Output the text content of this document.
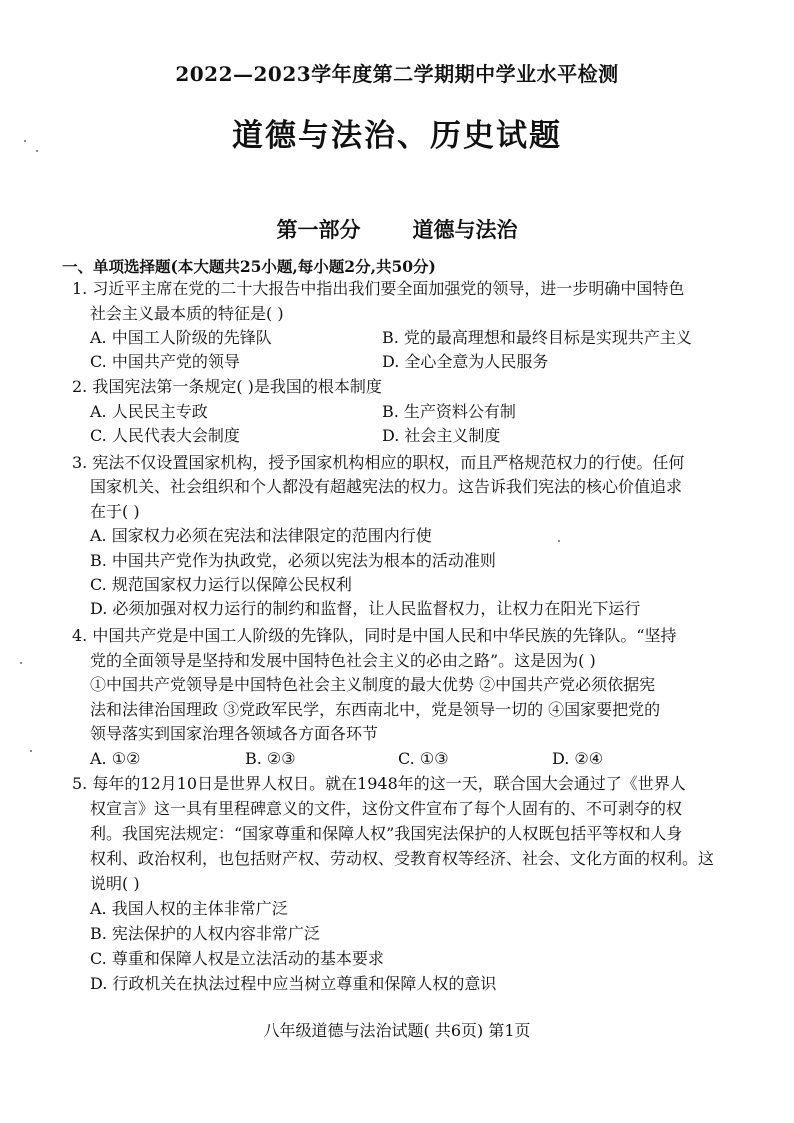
2022—2023学年度第二学期期中学业水平检测
道德与法治、历史试题
第一部分 道德与法治
一、单项选择题(本大题共25小题,每小题2分,共50分)
1. 习近平主席在党的二十大报告中指出我们要全面加强党的领导，进一步明确中国特色
社会主义最本质的特征是( )
A. 中国工人阶级的先锋队	B. 党的最高理想和最终目标是实现共产主义
C. 中国共产党的领导	D. 全心全意为人民服务
2. 我国宪法第一条规定( )是我国的根本制度
A. 人民民主专政	B. 生产资料公有制
C. 人民代表大会制度	D. 社会主义制度
3. 宪法不仅设置国家机构，授予国家机构相应的职权，而且严格规范权力的行使。任何
国家机关、社会组织和个人都没有超越宪法的权力。这告诉我们宪法的核心价值追求
在于( )
A. 国家权力必须在宪法和法律限定的范围内行使
B. 中国共产党作为执政党，必须以宪法为根本的活动准则
C. 规范国家权力运行以保障公民权利
D. 必须加强对权力运行的制约和监督，让人民监督权力，让权力在阳光下运行
4. 中国共产党是中国工人阶级的先锋队，同时是中国人民和中华民族的先锋队。“坚持
党的全面领导是坚持和发展中国特色社会主义的必由之路”。这是因为( )
①中国共产党领导是中国特色社会主义制度的最大优势 ②中国共产党必须依据宪
法和法律治国理政 ③党政军民学，东西南北中，党是领导一切的 ④国家要把党的
领导落实到国家治理各领域各方面各环节
A. ①②	B. ②③	C. ①③	D. ②④
5. 每年的12月10日是世界人权日。就在1948年的这一天，联合国大会通过了《世界人
权宣言》这一具有里程碑意义的文件，这份文件宣布了每个人固有的、不可剥夺的权
利。我国宪法规定：“国家尊重和保障人权”我国宪法保护的人权既包括平等权和人身
权利、政治权利，也包括财产权、劳动权、受教育权等经济、社会、文化方面的权利。这
说明( )
A. 我国人权的主体非常广泛
B. 宪法保护的人权内容非常广泛
C. 尊重和保障人权是立法活动的基本要求
D. 行政机关在执法过程中应当树立尊重和保障人权的意识
八年级道德与法治试题( 共6页) 第1页
